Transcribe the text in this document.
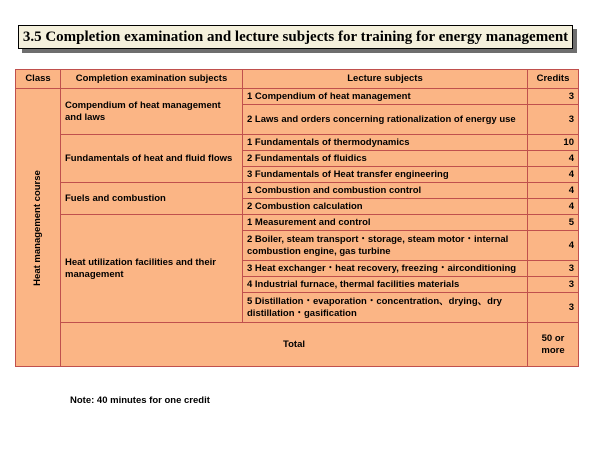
3.5 Completion examination and lecture subjects for training for energy management
Class	Completion examination subjects	Lecture subjects	Credits

Heat management course	Compendium of heat management and laws	1 Compendium of heat management	3
		2 Laws and orders concerning rationalization of energy use	3
	Fundamentals of heat and fluid flows	1 Fundamentals of thermodynamics	10
		2 Fundamentals of fluidics	4
		3 Fundamentals of Heat transfer engineering	4
	Fuels and combustion	1 Combustion and combustion control	4
		2 Combustion calculation	4
	Heat utilization facilities and their management	1 Measurement and control	5
		2 Boiler, steam transport・storage, steam motor・internal combustion engine, gas turbine	4
		3 Heat exchanger・heat recovery, freezing・airconditioning	3
		4 Industrial furnace, thermal facilities materials	3
		5 Distillation・evaporation・concentration、drying、dry distillation・gasification	3
	Total		50 or more
Note: 40 minutes for one credit
